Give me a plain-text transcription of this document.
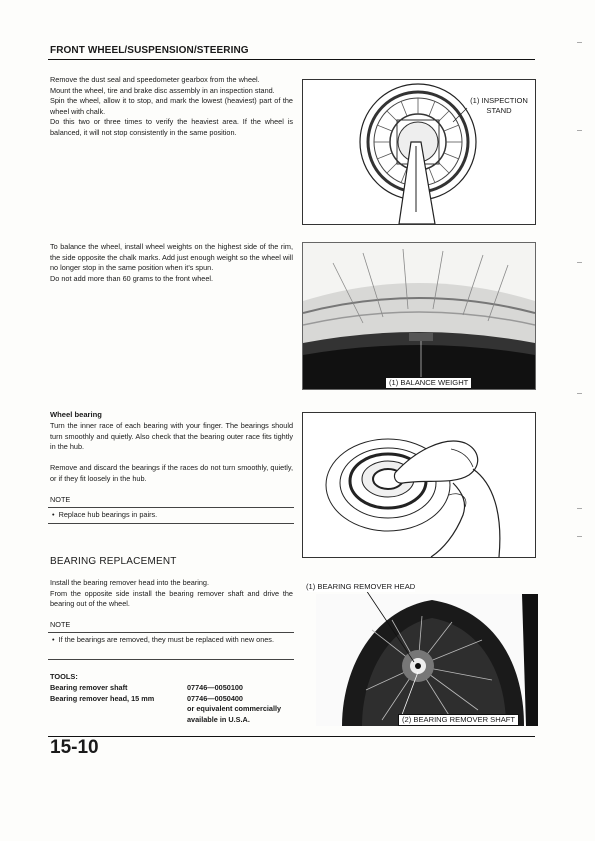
FRONT WHEEL/SUSPENSION/STEERING

Remove the dust seal and speedometer gearbox from the wheel.

Mount the wheel, tire and brake disc assembly in an inspection stand.

Spin the wheel, allow it to stop, and mark the lowest (heaviest) part of the wheel with chalk.

Do this two or three times to verify the heaviest area. If the wheel is balanced, it will not stop consistently in the same position.

(1) INSPECTION
STAND

To balance the wheel, install wheel weights on the highest side of the rim, the side opposite the chalk marks. Add just enough weight so the wheel will no longer stop in the same position when it's spun.

Do not add more than 60 grams to the front wheel.

(1) BALANCE WEIGHT
Wheel bearing
Turn the inner race of each bearing with your finger. The bearings should turn smoothly and quietly. Also check that the bearing outer race fits tightly in the hub.
Remove and discard the bearings if the races do not turn smoothly, quietly, or if they fit loosely in the hub.
NOTE
•  Replace hub bearings in pairs.
BEARING REPLACEMENT
Install the bearing remover head into the bearing.
From the opposite side install the bearing remover shaft and drive the bearing out of the wheel.
NOTE
•  If the bearings are removed, they must be replaced with new ones.
TOOLS:
Bearing remover shaft	07746—0050100
Bearing remover head, 15 mm	07746—0050400
or equivalent commercially
available in U.S.A.
(1) BEARING REMOVER HEAD
(2) BEARING REMOVER SHAFT
15-10
